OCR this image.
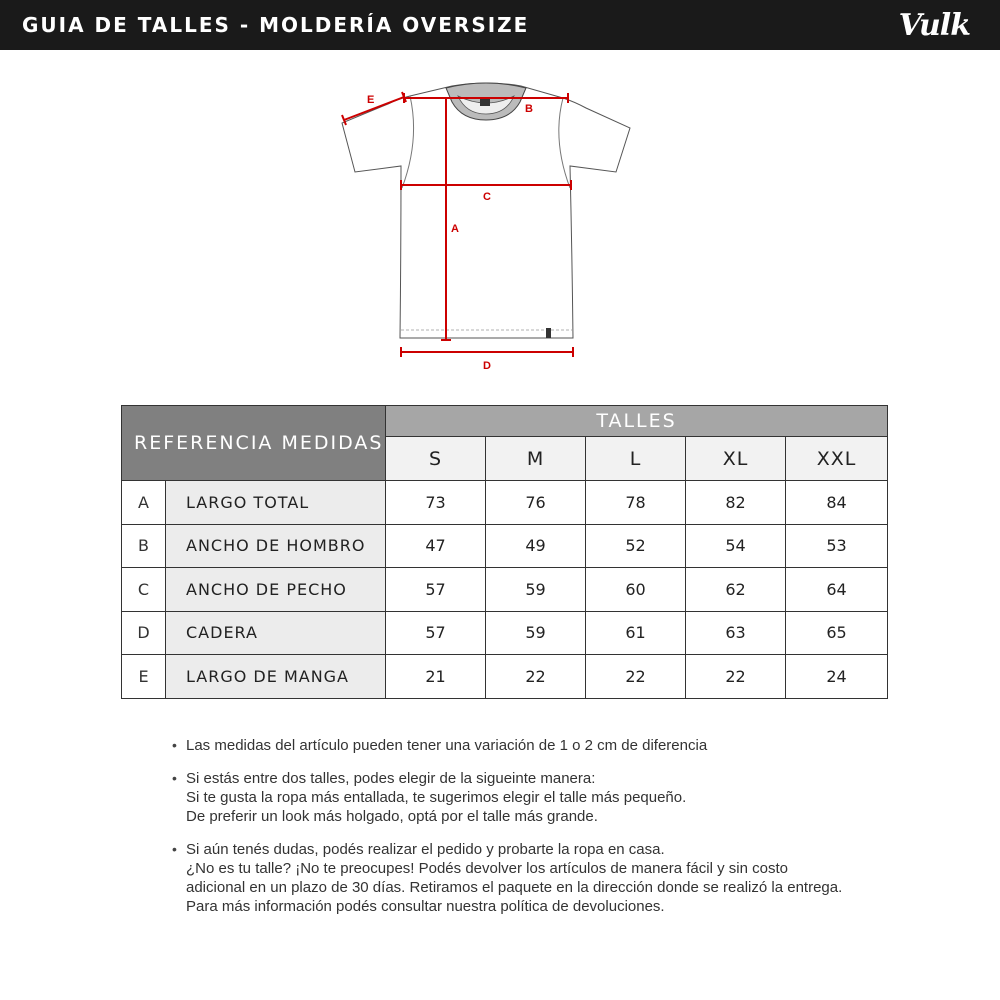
GUIA DE TALLES - MOLDERÍA OVERSIZE	Vulk
E
B
C
A
D
REFERENCIA MEDIDAS		TALLES				
		S	M	L	XL	XXL
A	LARGO TOTAL	73	76	78	82	84
B	ANCHO DE HOMBRO	47	49	52	54	53
C	ANCHO DE PECHO	57	59	60	62	64
D	CADERA	57	59	61	63	65
E	LARGO DE MANGA	21	22	22	22	24
• Las medidas del artículo pueden tener una variación de 1 o 2 cm de diferencia
• Si estás entre dos talles, podes elegir de la sigueinte manera:
Si te gusta la ropa más entallada, te sugerimos elegir el talle más pequeño.
De preferir un look más holgado, optá por el talle más grande.
• Si aún tenés dudas, podés realizar el pedido y probarte la ropa en casa.
¿No es tu talle? ¡No te preocupes! Podés devolver los artículos de manera fácil y sin costo
adicional en un plazo de 30 días. Retiramos el paquete en la dirección donde se realizó la entrega.
Para más información podés consultar nuestra política de devoluciones.
